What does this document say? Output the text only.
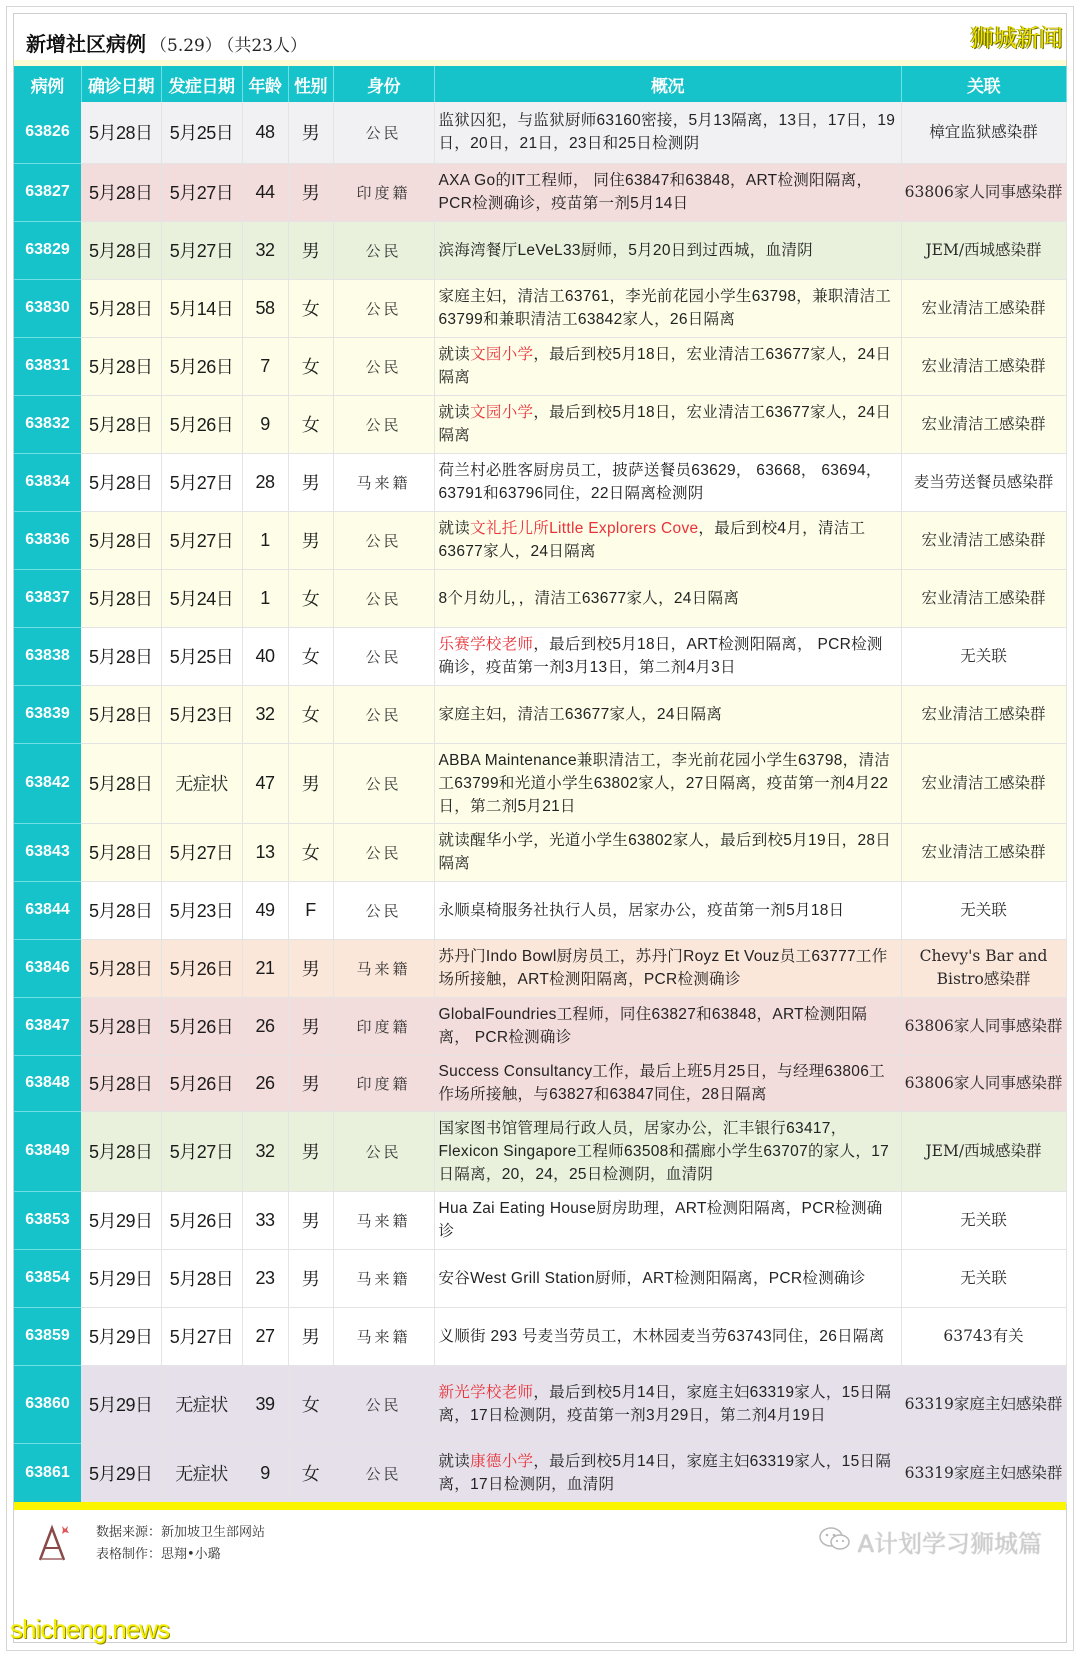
新增社区病例 （5.29） （共23人）	狮城新闻
病例	确诊日期	发症日期	年龄	性别	身份	概况	关联
63826	5月28日	5月25日	48	男	公民	监狱囚犯，与监狱厨师63160密接，5月13隔离，13日，17日，19日，20日，21日，23日和25日检测阴	樟宜监狱感染群
63827	5月28日	5月27日	44	男	印度籍	AXA Go的IT工程师， 同住63847和63848，ART检测阳隔离， PCR检测确诊，疫苗第一剂5月14日	63806家人同事感染群
63829	5月28日	5月27日	32	男	公民	滨海湾餐厅LeVeL33厨师，5月20日到过西城，血清阴	JEM/西城感染群
63830	5月28日	5月14日	58	女	公民	家庭主妇，清洁工63761，李光前花园小学生63798，兼职清洁工63799和兼职清洁工63842家人，26日隔离	宏业清洁工感染群
63831	5月28日	5月26日	7	女	公民	就读文园小学，最后到校5月18日，宏业清洁工63677家人，24日隔离	宏业清洁工感染群
63832	5月28日	5月26日	9	女	公民	就读文园小学，最后到校5月18日，宏业清洁工63677家人，24日隔离	宏业清洁工感染群
63834	5月28日	5月27日	28	男	马来籍	荷兰村必胜客厨房员工，披萨送餐员63629， 63668， 63694， 63791和63796同住，22日隔离检测阴	麦当劳送餐员感染群
63836	5月28日	5月27日	1	男	公民	就读文礼托儿所Little Explorers Cove，最后到校4月，清洁工63677家人，24日隔离	宏业清洁工感染群
63837	5月28日	5月24日	1	女	公民	8个月幼儿，，清洁工63677家人，24日隔离	宏业清洁工感染群
63838	5月28日	5月25日	40	女	公民	乐赛学校老师，最后到校5月18日，ART检测阳隔离， PCR检测确诊，疫苗第一剂3月13日，第二剂4月3日	无关联
63839	5月28日	5月23日	32	女	公民	家庭主妇，清洁工63677家人，24日隔离	宏业清洁工感染群
63842	5月28日	无症状	47	男	公民	ABBA Maintenance兼职清洁工，李光前花园小学生63798，清洁工63799和光道小学生63802家人，27日隔离，疫苗第一剂4月22日，第二剂5月21日	宏业清洁工感染群
63843	5月28日	5月27日	13	女	公民	就读醒华小学，光道小学生63802家人，最后到校5月19日，28日隔离	宏业清洁工感染群
63844	5月28日	5月23日	49	F	公民	永顺桌椅服务社执行人员，居家办公，疫苗第一剂5月18日	无关联
63846	5月28日	5月26日	21	男	马来籍	苏丹门Indo Bowl厨房员工，苏丹门Royz Et Vouz员工63777工作场所接触，ART检测阳隔离，PCR检测确诊	Chevy's Bar and Bistro感染群
63847	5月28日	5月26日	26	男	印度籍	GlobalFoundries工程师，同住63827和63848，ART检测阳隔离， PCR检测确诊	63806家人同事感染群
63848	5月28日	5月26日	26	男	印度籍	Success Consultancy工作，最后上班5月25日，与经理63806工作场所接触，与63827和63847同住，28日隔离	63806家人同事感染群
63849	5月28日	5月27日	32	男	公民	国家图书馆管理局行政人员，居家办公，汇丰银行63417， Flexicon Singapore工程师63508和孺廊小学生63707的家人，17日隔离，20，24，25日检测阴，血清阴	JEM/西城感染群
63853	5月29日	5月26日	33	男	马来籍	Hua Zai Eating House厨房助理，ART检测阳隔离，PCR检测确诊	无关联
63854	5月29日	5月28日	23	男	马来籍	安谷West Grill Station厨师，ART检测阳隔离，PCR检测确诊	无关联
63859	5月29日	5月27日	27	男	马来籍	义顺街 293 号麦当劳员工，木林园麦当劳63743同住，26日隔离	63743有关
63860	5月29日	无症状	39	女	公民	新光学校老师，最后到校5月14日，家庭主妇63319家人，15日隔离，17日检测阴，疫苗第一剂3月29日，第二剂4月19日	63319家庭主妇感染群
63861	5月29日	无症状	9	女	公民	就读康德小学，最后到校5月14日，家庭主妇63319家人，15日隔离，17日检测阴，血清阴	63319家庭主妇感染群
数据来源：新加坡卫生部网站
表格制作：思翔•小璐	A计划学习狮城篇
shicheng.news
